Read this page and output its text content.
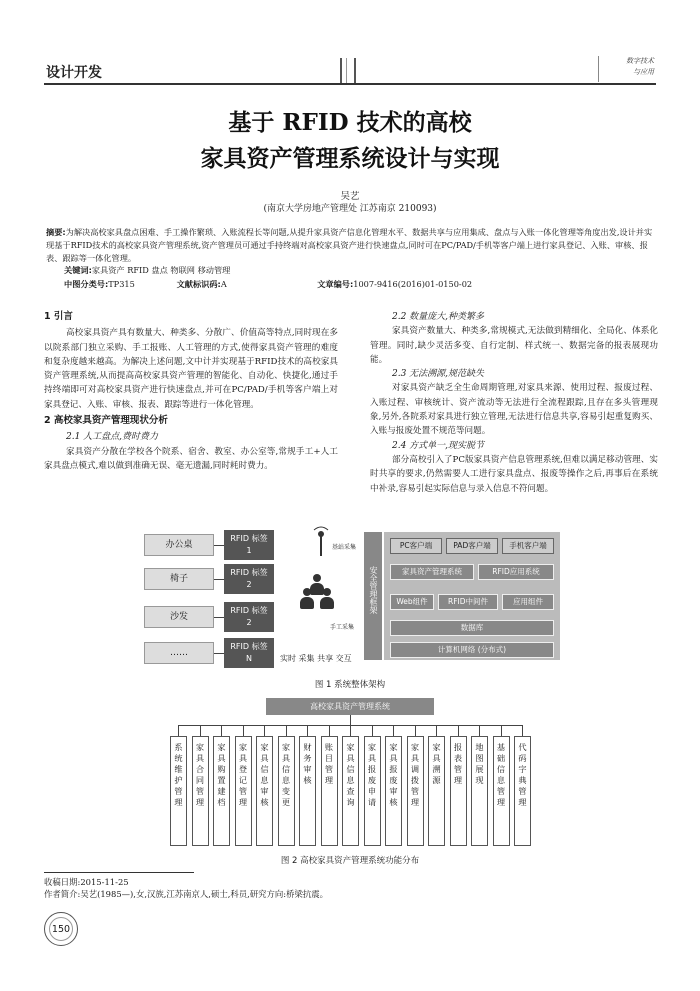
设计开发
数字技术
与应用
基于 RFID 技术的高校
家具资产管理系统设计与实现
吴艺
(南京大学房地产管理处 江苏南京 210093)
摘要:为解决高校家具盘点困难、手工操作繁琐、入账流程长等问题,从提升家具资产信息化管理水平、数据共享与应用集成、盘点与入账一体化管理等角度出发,设计并实现基于RFID技术的高校家具资产管理系统,资产管理员可通过手持终端对高校家具资产进行快速盘点,同时可在PC/PAD/手机等客户端上进行家具登记、入账、审核、报表、跟踪等一体化管理。
关键词:家具资产 RFID 盘点 物联网 移动管理
中图分类号:TP315	文献标识码:A	文章编号:1007-9416(2016)01-0150-02
1 引言

高校家具资产具有数量大、种类多、分散广、价值高等特点,同时现在多以院系部门独立采购、手工报账、人工管理的方式,使得家具资产管理的难度和复杂度越来越高。为解决上述问题,文中计并实现基于RFID技术的高校家具资产管理系统,从而提高高校家具资产管理的智能化、自动化、快捷化,通过手持终端即可对高校家具资产进行快速盘点,并可在PC/PAD/手机等客户端上对家具登记、入账、审核、报表、跟踪等进行一体化管理。

2 高校家具资产管理现状分析
2.1 人工盘点,费时费力

家具资产分散在学校各个院系、宿舍、教室、办公室等,常规手工+人工家具盘点模式,难以做到准确无误、毫无遗漏,同时耗时费力。

2.2 数量庞大,种类繁多

家具资产数量大、种类多,常规模式,无法做到精细化、全局化、体系化管理。同时,缺少灵活多变、自行定制、样式统一、数据完备的报表展现功能。

2.3 无法溯源,规范缺失

对家具资产缺乏全生命周期管理,对家具来源、使用过程、报废过程、入账过程、审核统计、资产流动等无法进行全流程跟踪,且存在多头管理现象,另外,各院系对家具进行独立管理,无法进行信息共享,容易引起重复购买、入账与报废处置不规范等问题。

2.4 方式单一,现实脱节

部分高校引入了PC版家具资产信息管理系统,但难以满足移动管理、实时共享的要求,仍然需要人工进行家具盘点、报废等操作之后,再事后在系统中补录,容易引起实际信息与录入信息不符问题。

办公桌
椅子
沙发
……
RFID 标签
1
RFID 标签
2
RFID 标签
2
RFID 标签
N
基站采集
手工采集
实时 采集 共享 交互
安全管理框架
PC客户端	PAD客户端	手机客户端
家具资产管理系统	RFID应用系统
Web组件	RFID中间件	应用组件
数据库
计算机网络 (分布式)
图 1 系统整体架构
高校家具资产管理系统
系统维护管理
家具合同管理
家具购置建档
家具登记管理
家具信息审核
家具信息变更
财务审核
账目管理
家具信息查询
家具报废申请
家具报废审核
家具调拨管理
家具溯源
报表管理
地图展现
基础信息管理
代码字典管理
图 2 高校家具资产管理系统功能分布
收稿日期:2015-11-25
作者简介:吴艺(1985—),女,汉族,江苏南京人,硕士,科员,研究方向:桥梁抗震。
150
